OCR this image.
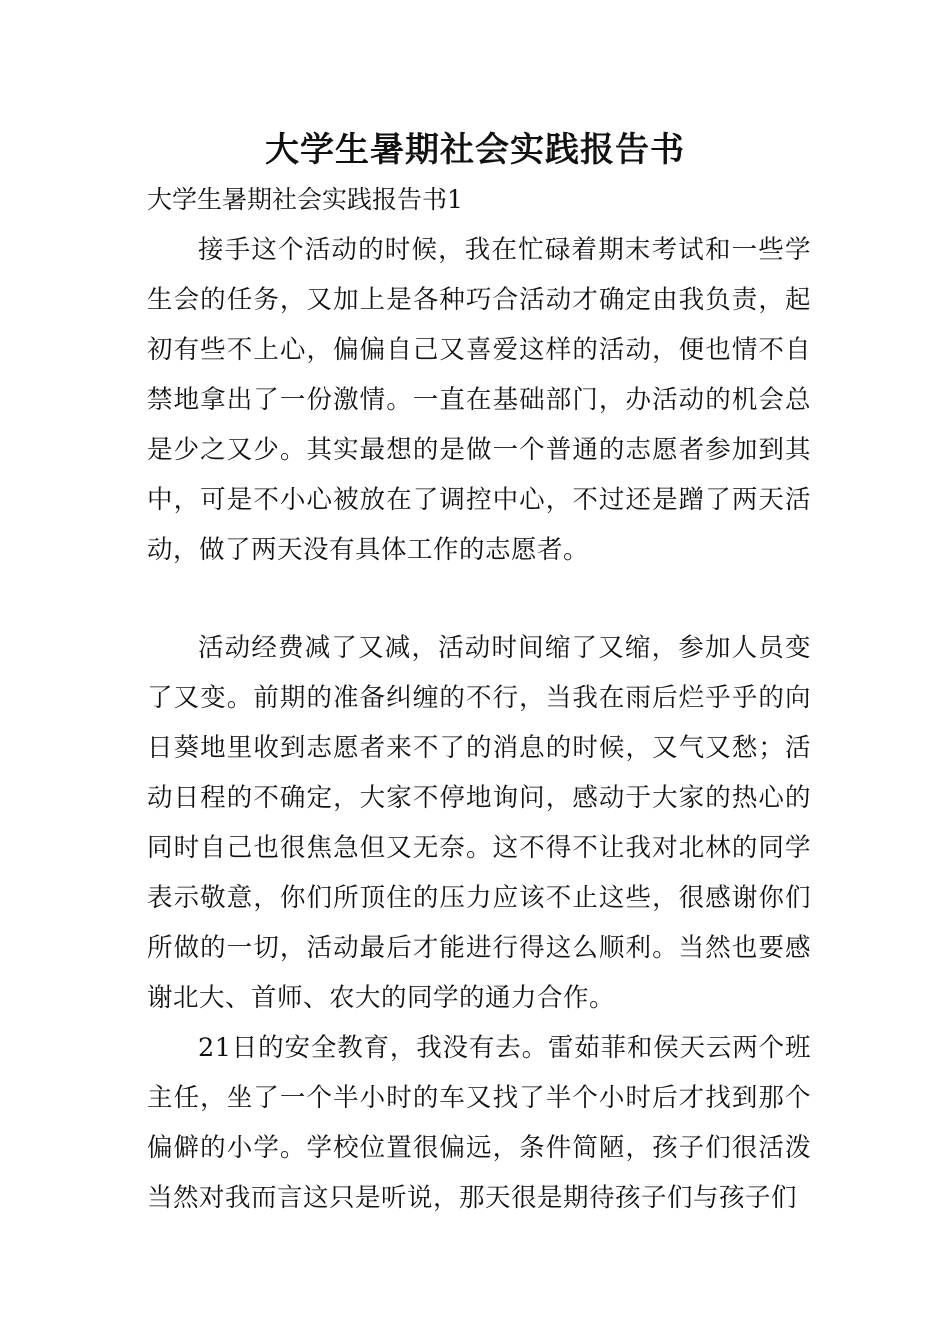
大学生暑期社会实践报告书

大学生暑期社会实践报告书1

接手这个活动的时候，我在忙碌着期末考试和一些学生会的任务，又加上是各种巧合活动才确定由我负责，起初有些不上心，偏偏自己又喜爱这样的活动，便也情不自禁地拿出了一份激情。一直在基础部门，办活动的机会总是少之又少。其实最想的是做一个普通的志愿者参加到其中，可是不小心被放在了调控中心，不过还是蹭了两天活动，做了两天没有具体工作的志愿者。

活动经费减了又减，活动时间缩了又缩，参加人员变了又变。前期的准备纠缠的不行，当我在雨后烂乎乎的向日葵地里收到志愿者来不了的消息的时候，又气又愁；活动日程的不确定，大家不停地询问，感动于大家的热心的同时自己也很焦急但又无奈。这不得不让我对北林的同学表示敬意，你们所顶住的压力应该不止这些，很感谢你们所做的一切，活动最后才能进行得这么顺利。当然也要感谢北大、首师、农大的同学的通力合作。

21日的安全教育，我没有去。雷茹菲和侯天云两个班主任，坐了一个半小时的车又找了半个小时后才找到那个偏僻的小学。学校位置很偏远，条件简陋，孩子们很活泼当然对我而言这只是听说，那天很是期待孩子们与孩子们
